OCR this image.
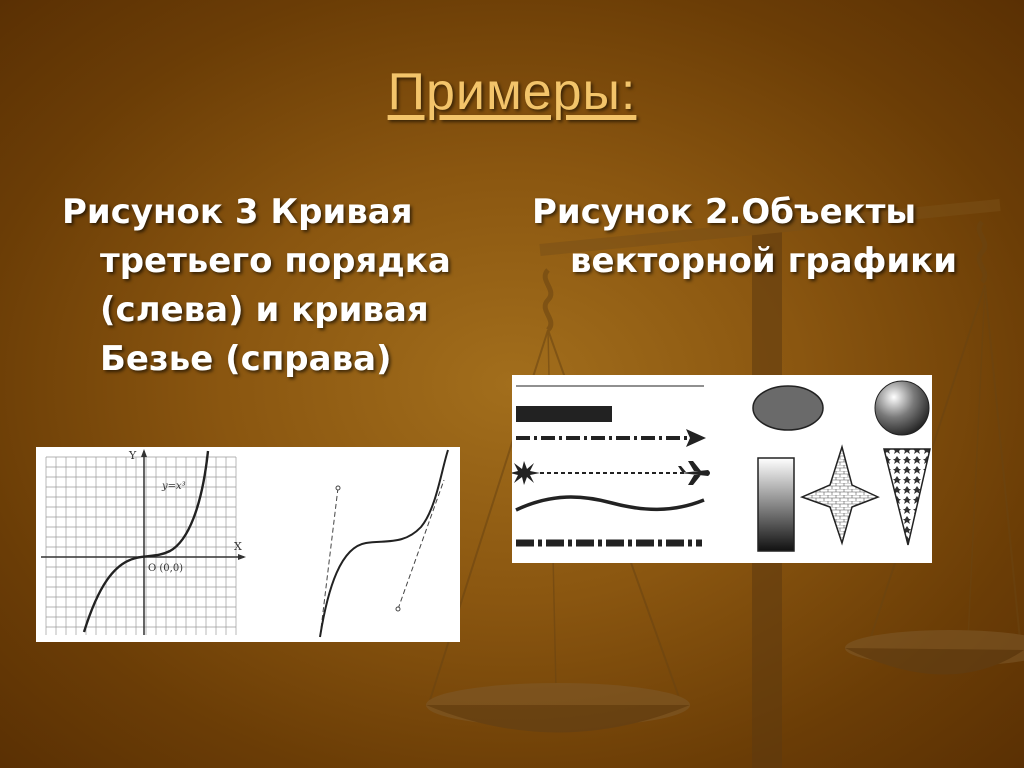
Примеры:

Рисунок 3 Кривая третьего порядка (слева) и кривая Безье (справа)

Рисунок 2.Объекты векторной графики

Y
X
y=x³
O (0,0)
